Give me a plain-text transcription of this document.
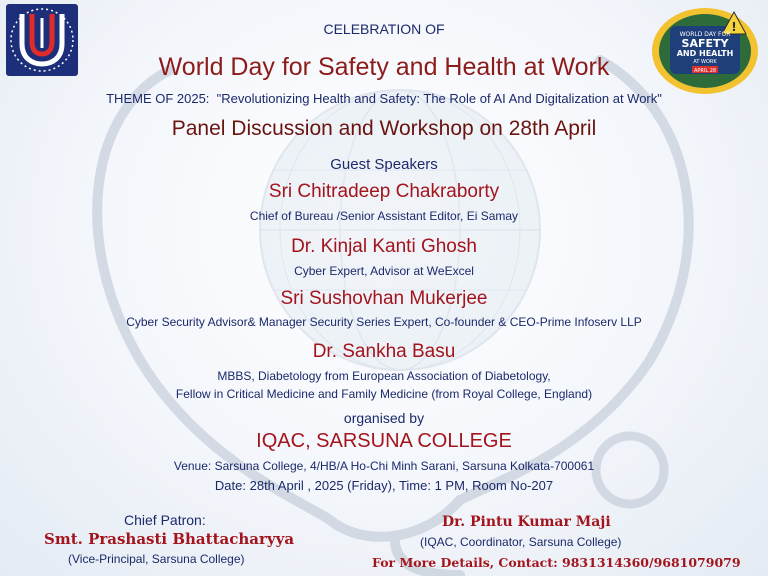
!
WORLD DAY FOR
SAFETY
AND HEALTH
AT WORK
APRIL 28
CELEBRATION OF
World Day for Safety and Health at Work
THEME OF 2025: "Revolutionizing Health and Safety: The Role of AI And Digitalization at Work"
Panel Discussion and Workshop on 28th April
Guest Speakers
Sri Chitradeep Chakraborty
Chief of Bureau /Senior Assistant Editor, Ei Samay
Dr. Kinjal Kanti Ghosh
Cyber Expert, Advisor at WeExcel
Sri Sushovhan Mukerjee
Cyber Security Advisor& Manager Security Series Expert, Co-founder & CEO-Prime Infoserv LLP
Dr. Sankha Basu
MBBS, Diabetology from European Association of Diabetology,
Fellow in Critical Medicine and Family Medicine (from Royal College, England)
organised by
IQAC, SARSUNA COLLEGE
Venue: Sarsuna College, 4/HB/A Ho-Chi Minh Sarani, Sarsuna Kolkata-700061
Date: 28th April , 2025 (Friday), Time: 1 PM, Room No-207
Chief Patron:
Smt. Prashasti Bhattacharyya
(Vice-Principal, Sarsuna College)
Dr. Pintu Kumar Maji
(IQAC, Coordinator, Sarsuna College)
For More Details, Contact: 9831314360/9681079079
